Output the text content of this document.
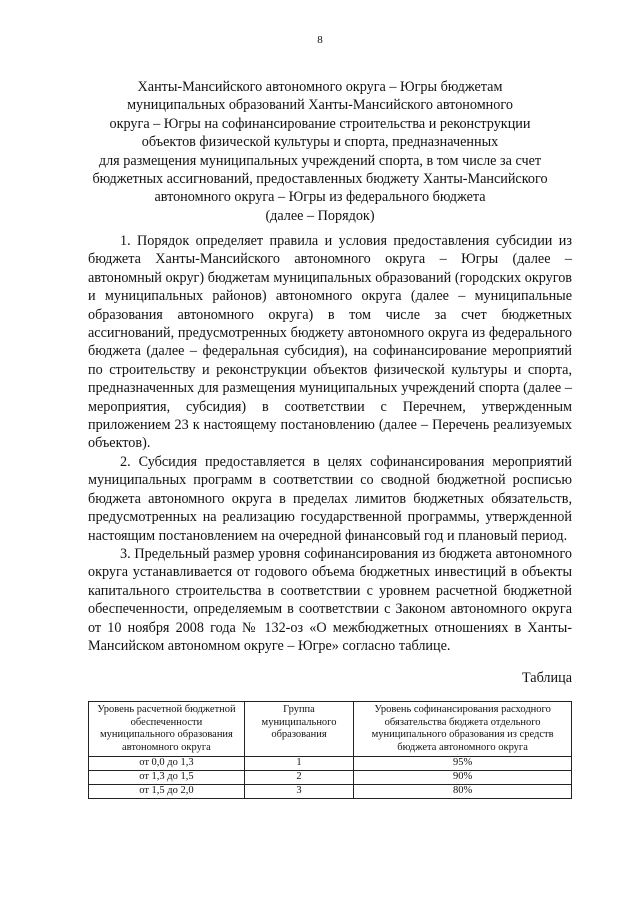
8
Ханты-Мансийского автономного округа – Югры бюджетам
муниципальных образований Ханты-Мансийского автономного
округа – Югры на софинансирование строительства и реконструкции
объектов физической культуры и спорта, предназначенных
для размещения муниципальных учреждений спорта, в том числе за счет
бюджетных ассигнований, предоставленных бюджету Ханты-Мансийского
автономного округа – Югры из федерального бюджета
(далее – Порядок)

1. Порядок определяет правила и условия предоставления субсидии из бюджета Ханты-Мансийского автономного округа – Югры (далее – автономный округ) бюджетам муниципальных образований (городских округов и муниципальных районов) автономного округа (далее – муниципальные образования автономного округа) в том числе за счет бюджетных ассигнований, предусмотренных бюджету автономного округа из федерального бюджета (далее – федеральная субсидия), на софинансирование мероприятий по строительству и реконструкции объектов физической культуры и спорта, предназначенных для размещения муниципальных учреждений спорта (далее – мероприятия, субсидия) в соответствии с Перечнем, утвержденным приложением 23 к настоящему постановлению (далее – Перечень реализуемых объектов).

2. Субсидия предоставляется в целях софинансирования мероприятий муниципальных программ в соответствии со сводной бюджетной росписью бюджета автономного округа в пределах лимитов бюджетных обязательств, предусмотренных на реализацию государственной программы, утвержденной настоящим постановлением на очередной финансовый год и плановый период.

3. Предельный размер уровня софинансирования из бюджета автономного округа устанавливается от годового объема бюджетных инвестиций в объекты капитального строительства в соответствии с уровнем расчетной бюджетной обеспеченности, определяемым в соответствии с Законом автономного округа от 10 ноября 2008 года № 132-оз «О межбюджетных отношениях в Ханты-Мансийском автономном округе – Югре» согласно таблице.

Таблица
Уровень расчетной бюджетной обеспеченности муниципального образования автономного округа	Группа муниципального образования	Уровень софинансирования расходного обязательства бюджета отдельного муниципального образования из средств бюджета автономного округа
от 0,0 до 1,3	1	95%
от 1,3 до 1,5	2	90%
от 1,5 до 2,0	3	80%
